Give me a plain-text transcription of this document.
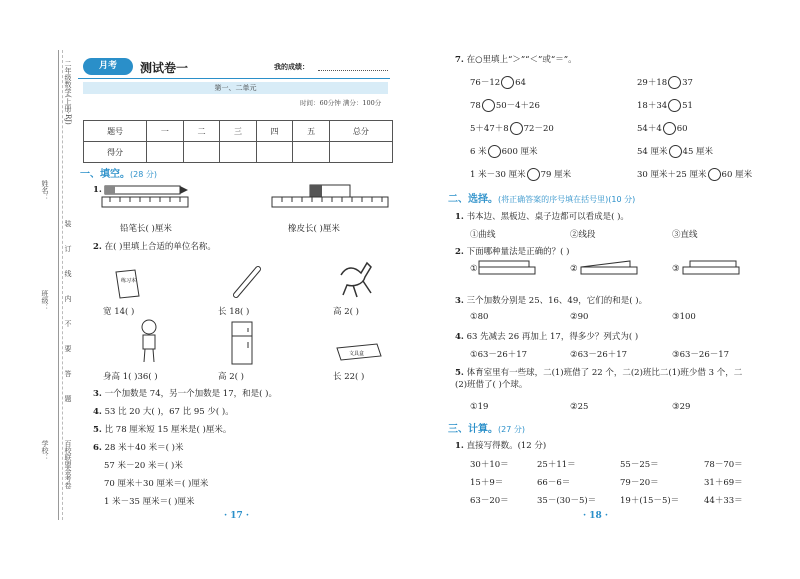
姓名：
班级：
学校：
二年级数学(上册·RJ)
百校联盟金考卷
装订线内不要答题
月考	测试卷一	我的成绩：
第一、二单元
时间：60分钟 满分：100分
题号	一	二	三	四	五	总分
得分						
一、填空。(28 分)
1.
铅笔长( )厘米	橡皮长( )厘米
2. 在( )里填上合适的单位名称。
练习本
宽 14( )	长 18( )	高 2( )
文具盒
身高 1( )36( )	高 2( )	长 22( )
3. 一个加数是 74，另一个加数是 17，和是( )。
4. 53 比 20 大( )，67 比 95 少( )。
5. 比 78 厘米短 15 厘米是( )厘米。
6. 28 米＋40 米＝( )米
57 米－20 米＝( )米
70 厘米＋30 厘米＝( )厘米
1 米－35 厘米＝( )厘米
· 17 ·
7. 在○里填上“＞”“＜”或“＝”。
76－12 64	29＋18 37
78 50－4＋26	18＋34 51
5＋47＋8 72－20	54＋4 60
6 米 600 厘米	54 厘米 45 厘米
1 米－30 厘米 79 厘米	30 厘米＋25 厘米 60 厘米
二、选择。(将正确答案的序号填在括号里)(10 分)
1. 书本边、黑板边、桌子边都可以看成是( )。
①曲线	②线段	③直线
2. 下面哪种量法是正确的？( )
①	②	③
3. 三个加数分别是 25、16、49，它们的和是( )。
①80	②90	③100
4. 63 先减去 26 再加上 17，得多少？列式为( )
①63－26＋17	②63－26＋17	③63－26－17
5. 体育室里有一些球，二(1)班借了 22 个，二(2)班比二(1)班少借 3 个，二(2)班借了( )个球。
①19	②25	③29
三、计算。(27 分)
1. 直接写得数。(12 分)
30＋10＝	25＋11＝	55－25＝	78－70＝
15＋9＝	66－6＝	79－20＝	31＋69＝
63－20＝	35－(30－5)＝	19＋(15－5)＝	44＋33＝
· 18 ·
